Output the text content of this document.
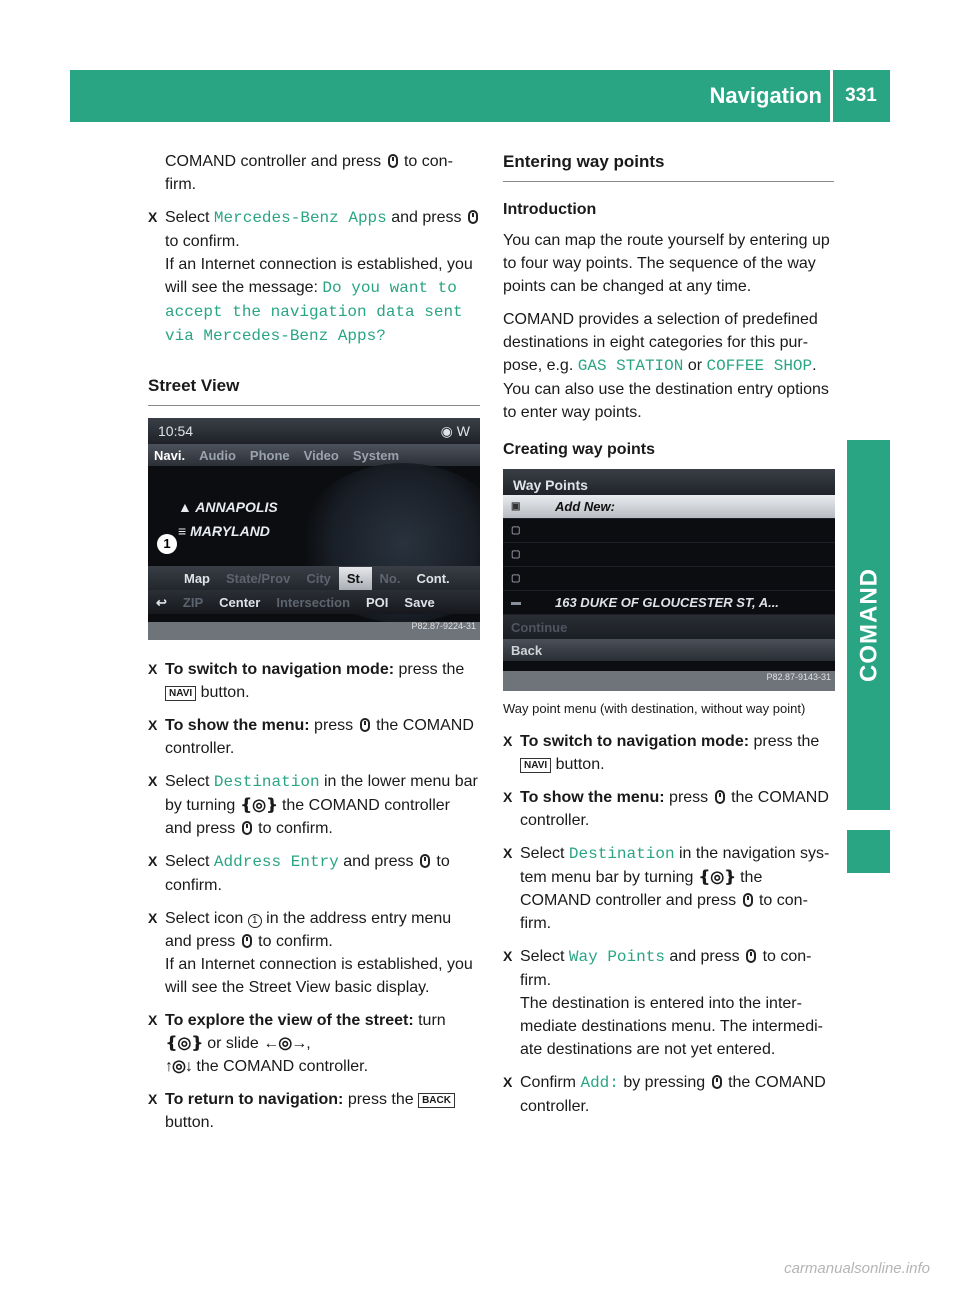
Navigation	331
COMAND

COMAND controller and press to con-
firm.

X Select Mercedes-Benz Apps and press
to confirm.
If an Internet connection is established, you will see the message: Do you want to accept the navigation data sent via Mercedes-Benz Apps?
Street View
10:54	◉ W
Navi. Audio Phone Video System
▲ ANNAPOLIS
≡ MARYLAND
1
Map	State/Prov	City	St.	No.	Cont.
↩	ZIP	Center	Intersection	POI	Save
P82.87-9224-31
X To switch to navigation mode: press the
NAVI button.
X To show the menu: press the COMAND controller.
X Select Destination in the lower menu bar by turning ❴◎❵ the COMAND controller and press to confirm.
X Select Address Entry and press to confirm.
X Select icon 1 in the address entry menu and press to confirm.
If an Internet connection is established, you will see the Street View basic display.
X To explore the view of the street: turn
❴◎❵ or slide ←◎→,
↑◎↓ the COMAND controller.
X To return to navigation: press the BACK
button.
Entering way points
Introduction

You can map the route yourself by entering up to four way points. The sequence of the way points can be changed at any time.

COMAND provides a selection of predefined destinations in eight categories for this pur-pose, e.g. GAS STATION or COFFEE SHOP. You can also use the destination entry options to enter way points.

Creating way points
Way Points
▣	Add New:
▢
▢
▢
▬	163 DUKE OF GLOUCESTER ST, A...
Continue
Back
P82.87-9143-31
Way point menu (with destination, without way point)
X To switch to navigation mode: press the
NAVI button.
X To show the menu: press the COMAND controller.
X Select Destination in the navigation sys-tem menu bar by turning ❴◎❵ the COMAND controller and press to con-firm.
X Select Way Points and press to con-firm.
The destination is entered into the inter-mediate destinations menu. The intermedi-ate destinations are not yet entered.
X Confirm Add: by pressing the COMAND controller.
carmanualsonline.info
